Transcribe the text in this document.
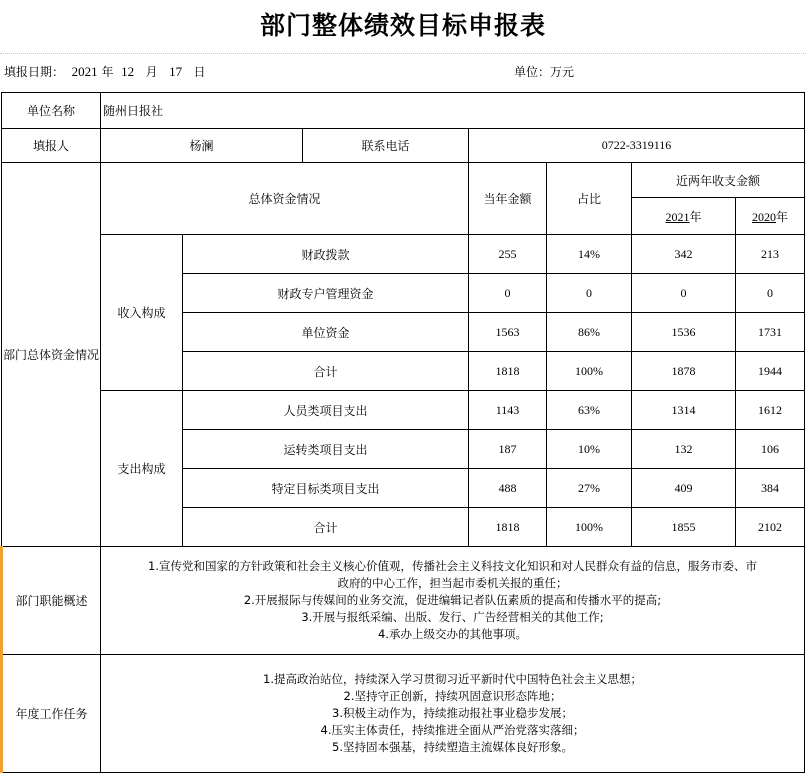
部门整体绩效目标申报表
填报日期： 2021 年 12 月 17 日	单位：万元
单位名称	随州日报社						
填报人	杨澜		联系电话	0722-3319116			
部门总体资金情况	总体资金情况			当年金额	占比	近两年收支金额	
						2021年	2020年
	收入构成	财政拨款		255	14%	342	213
		财政专户管理资金		0	0	0	0
		单位资金		1563	86%	1536	1731
		合计		1818	100%	1878	1944
	支出构成	人员类项目支出		1143	63%	1314	1612
		运转类项目支出		187	10%	132	106
		特定目标类项目支出		488	27%	409	384
		合计		1818	100%	1855	2102
部门职能概述	1.宣传党和国家的方针政策和社会主义核心价值观，传播社会主义科技文化知识和对人民群众有益的信息，服务市委、市
政府的中心工作，担当起市委机关报的重任；
2.开展报际与传媒间的业务交流，促进编辑记者队伍素质的提高和传播水平的提高;
3.开展与报纸采编、出版、发行、广告经营相关的其他工作;
4.承办上级交办的其他事项。						

年度工作任务	1.提高政治站位，持续深入学习贯彻习近平新时代中国特色社会主义思想；
2.坚持守正创新，持续巩固意识形态阵地；
3.积极主动作为，持续推动报社事业稳步发展；
4.压实主体责任，持续推进全面从严治党落实落细；
5.坚持固本强基，持续塑造主流媒体良好形象。						
